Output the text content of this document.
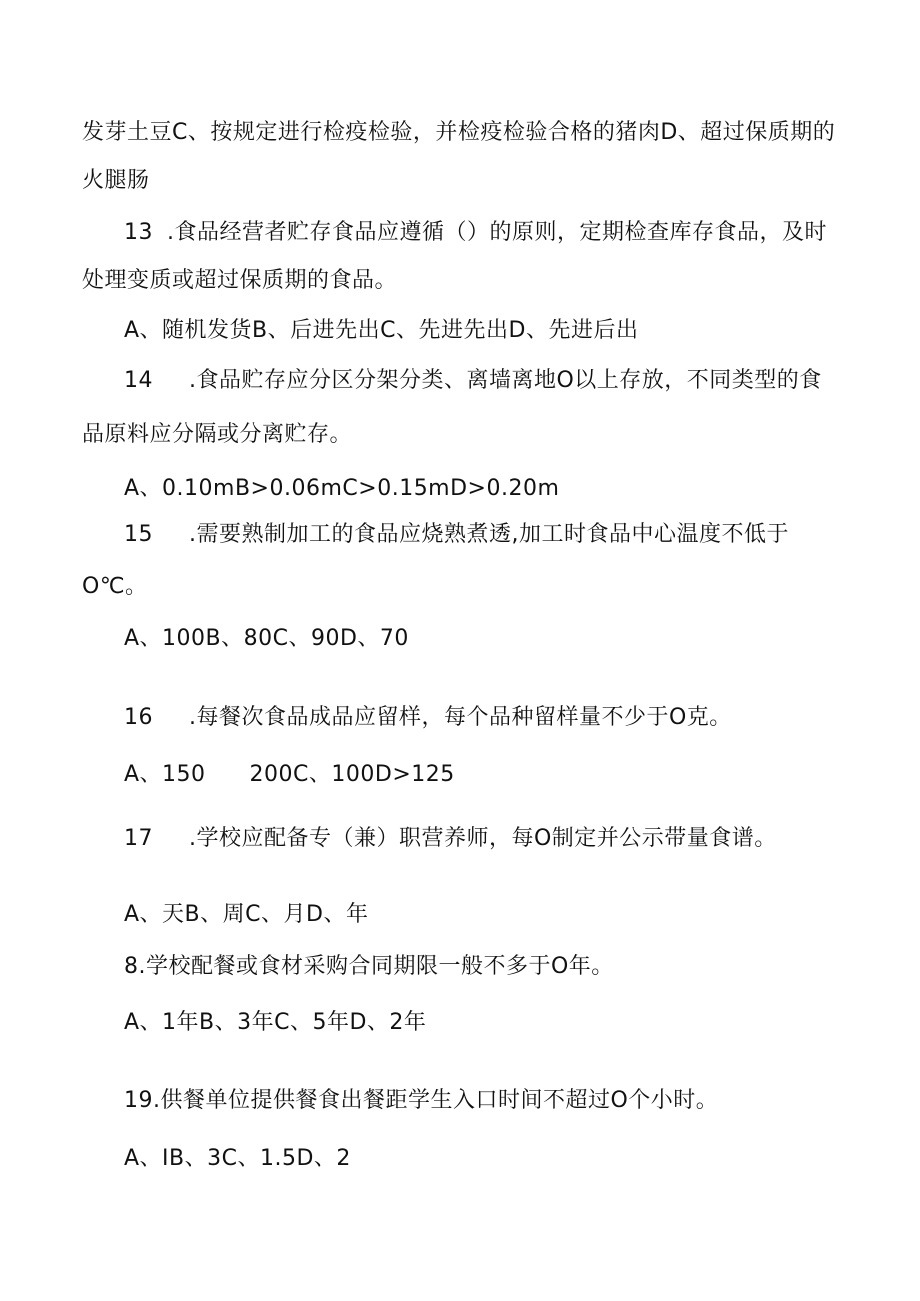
发芽土豆C、按规定进行检疫检验，并检疫检验合格的猪肉D、超过保质期的
火腿肠
13 .食品经营者贮存食品应遵循（）的原则，定期检查库存食品，及时
处理变质或超过保质期的食品。
A、随机发货B、后进先出C、先进先出D、先进后出
14 .食品贮存应分区分架分类、离墙离地O以上存放，不同类型的食
品原料应分隔或分离贮存。
A、0.10mB>0.06mC>0.15mD>0.20m
15 .需要熟制加工的食品应烧熟煮透,加工时食品中心温度不低于
O℃。
A、100B、80C、90D、70
16 .每餐次食品成品应留样，每个品种留样量不少于O克。
A、150 200C、100D>125
17 .学校应配备专（兼）职营养师，每O制定并公示带量食谱。
A、天B、周C、月D、年
8.学校配餐或食材采购合同期限一般不多于O年。
A、1年B、3年C、5年D、2年
19.供餐单位提供餐食出餐距学生入口时间不超过O个小时。
A、IB、3C、1.5D、2
